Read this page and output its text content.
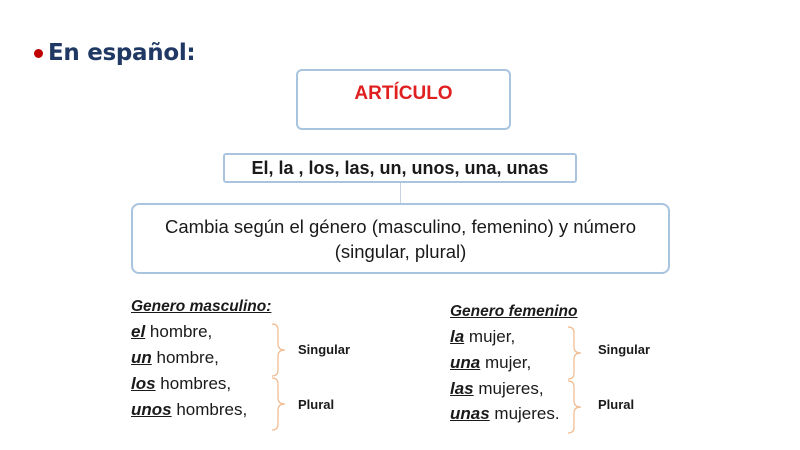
En español:
ARTÍCULO
El, la , los, las, un, unos, una, unas
Cambia según el género (masculino, femenino) y número (singular, plural)
Genero masculino:
el hombre,
un hombre,
los hombres,
unos hombres,
Singular
Plural
Genero femenino
la mujer,
una mujer,
las mujeres,
unas mujeres.
Singular
Plural
